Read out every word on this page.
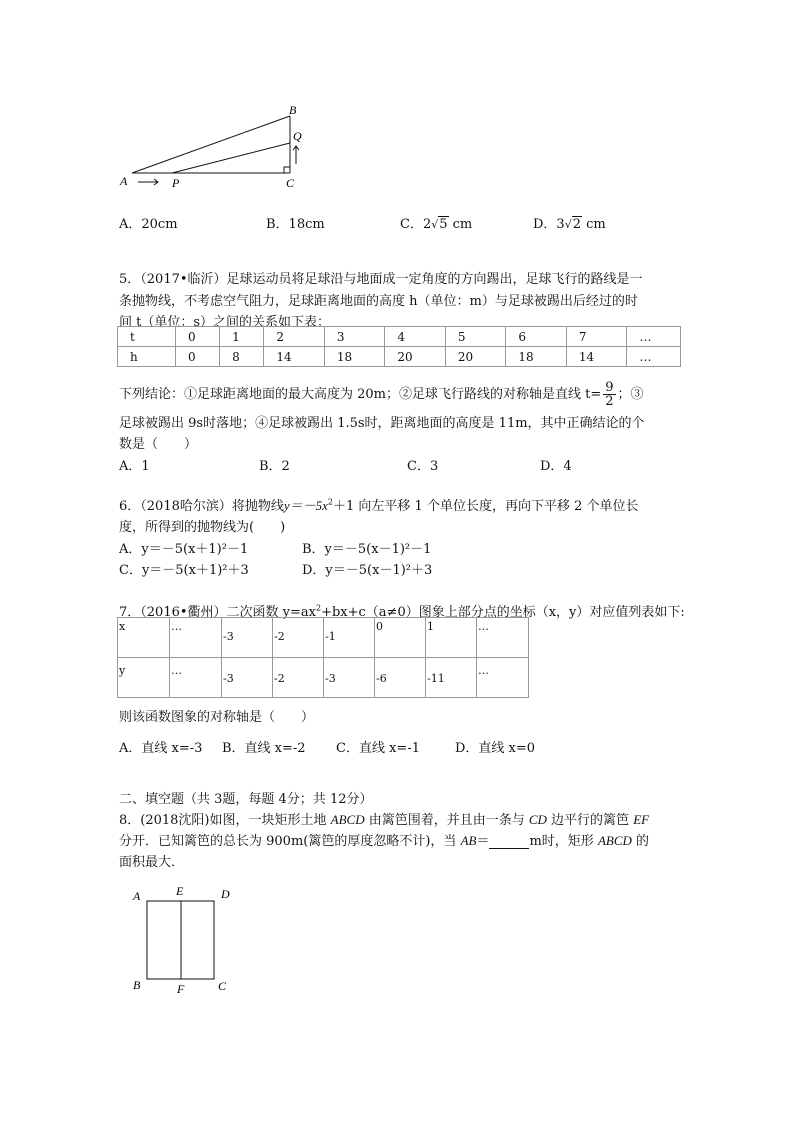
A	P	C
B
Q
A．20cm	B．18cm	C．2√5 cm	D．3√2 cm
5．（2017•临沂）足球运动员将足球沿与地面成一定角度的方向踢出，足球飞行的路线是一
条抛物线，不考虑空气阻力，足球距离地面的高度 h（单位：m）与足球被踢出后经过的时
间 t（单位：s）之间的关系如下表：
t	0	1	2	3	4	5	6	7	…
h	0	8	14	18	20	20	18	14	…
下列结论：①足球距离地面的最大高度为 20m；②足球飞行路线的对称轴是直线 $t= \frac{9}{2}$ ；③
足球被踢出 9s时落地；④足球被踢出 1.5s时，距离地面的高度是 11m，其中正确结论的个
数是（　　）
A．1	B．2	C．3	D．4
6．（2018哈尔滨）将抛物线$y=-5x^2+1$ 向左平移 1 个单位长度，再向下平移 2 个单位长
度，所得到的抛物线为(　　)
A．y＝－5(x＋1)²－1	B．y＝－5(x－1)²－1
C．y＝－5(x＋1)²＋3	D．y＝－5(x－1)²＋3
7．（2016•衢州）二次函数 $y=ax^2+bx+c(a\ne 0)$图象上部分点的坐标（x，y）对应值列表如下:
x	…	-3	-2	-1	0	1	…
y	…	-3	-2	-3	-6	-11	…
则该函数图象的对称轴是（　　）
A．直线 x=-3 B．直线 x=-2 C．直线 x=-1	D．直线 x=0
二、填空题（共 3题，每题 4分；共 12分）
8．(2018沈阳)如图，一块矩形土地 ABCD 由篱笆围着，并且由一条与 CD 边平行的篱笆 EF
分开．已知篱笆的总长为 900m(篱笆的厚度忽略不计)，当 AB＝	m时，矩形 ABCD 的
面积最大．
A	E	D
B	F	C
